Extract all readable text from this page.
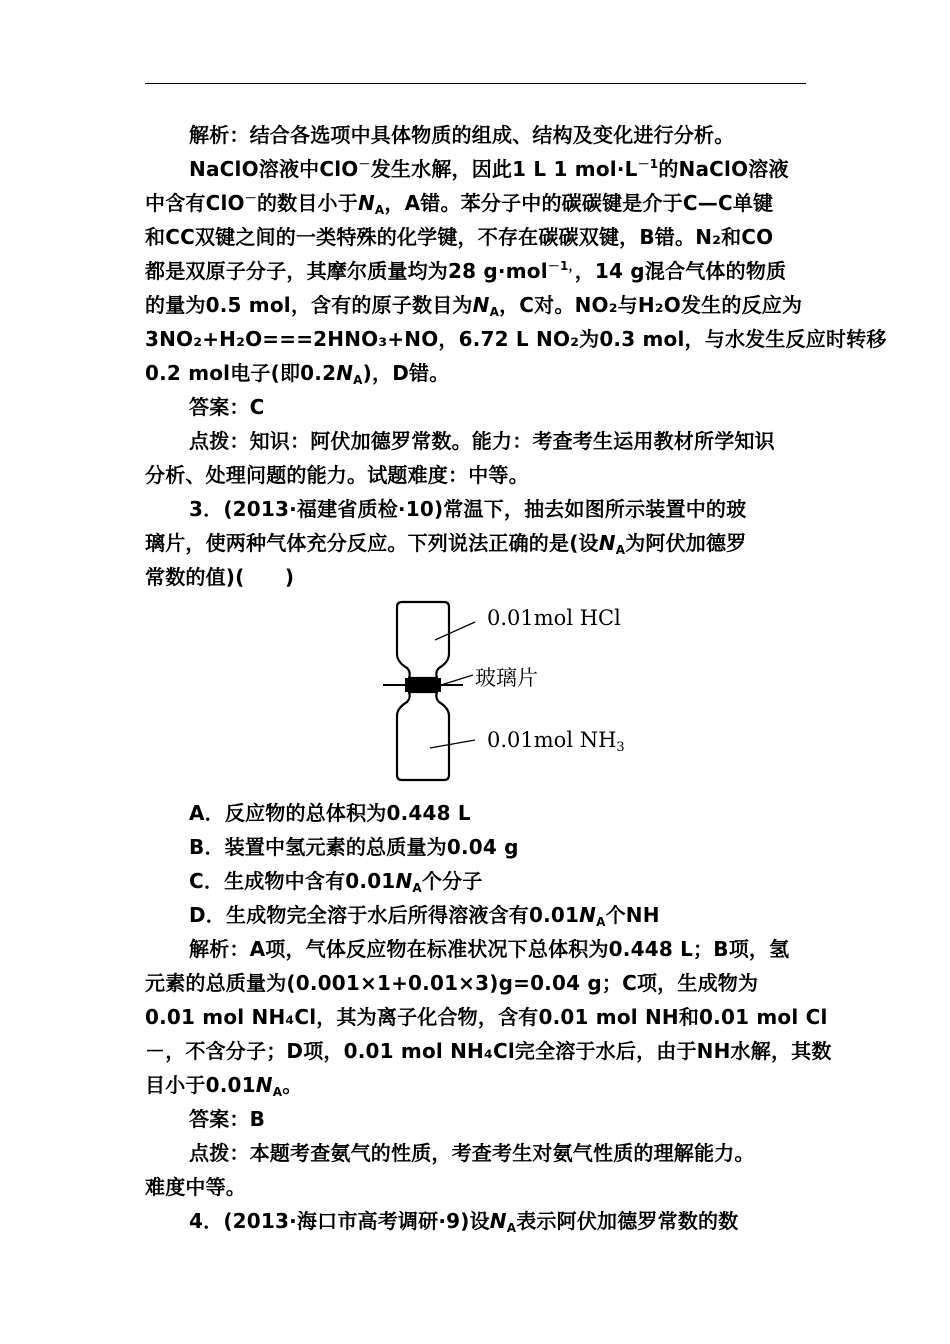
解析：结合各选项中具体物质的组成、结构及变化进行分析。
NaClO溶液中ClO－发生水解，因此1 L 1 $mol\cdot L^{-1}$的NaClO溶液
中含有ClO－的数目小于$N_A$，A错。苯分子中的碳碳键是介于C—C单键
和CC双键之间的一类特殊的化学键，不存在碳碳双键，B错。N₂和CO
都是双原子分子，其摩尔质量均为28 g·mol$^{-1,}$，14 g混合气体的物质
的量为0.5 mol，含有的原子数目为$N_A$，C对。NO₂与H₂O发生的反应为
3NO₂+H₂O===2HNO₃+NO，6.72 L NO₂为0.3 mol，与水发生反应时转移
0.2 mol电子(即$0.2N_A$)，D错。
答案：C
点拨：知识：阿伏加德罗常数。能力：考查考生运用教材所学知识
分析、处理问题的能力。试题难度：中等。
3．(2013·福建省质检·10)常温下，抽去如图所示装置中的玻
璃片，使两种气体充分反应。下列说法正确的是(设$N_A$为阿伏加德罗
常数的值)(　　)
0.01mol HCl
玻璃片
0.01mol $NH_3$
A．反应物的总体积为0.448 L
B．装置中氢元素的总质量为0.04 g
C．生成物中含有$0.01N_A$个分子
D．生成物完全溶于水后所得溶液含有$0.01N_A$个NH
解析：A项，气体反应物在标准状况下总体积为0.448 L；B项，氢
元素的总质量为(0.001×1+0.01×3)g=0.04 g；C项，生成物为
0.01 mol NH₄Cl，其为离子化合物，含有0.01 mol NH和0.01 mol Cl
－，不含分子；D项，0.01 mol NH₄Cl完全溶于水后，由于NH水解，其数
目小于$0.01N_A$。
答案：B
点拨：本题考查氨气的性质，考查考生对氨气性质的理解能力。
难度中等。
4．(2013·海口市高考调研·9)设$N_A$表示阿伏加德罗常数的数
